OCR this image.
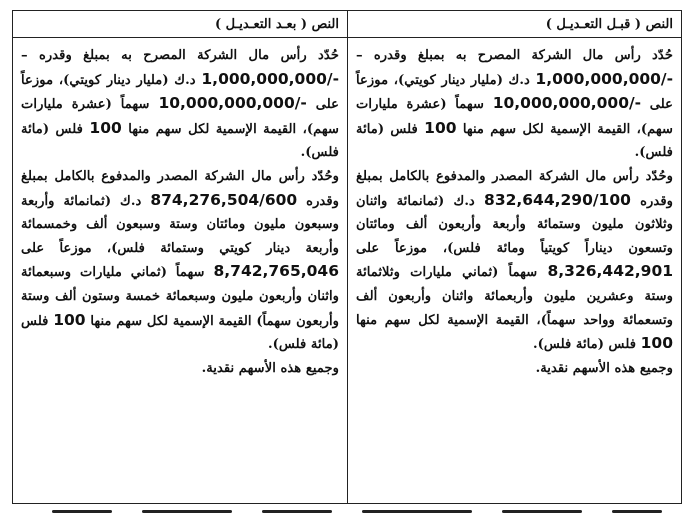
النص ( قبـل التعـديـل )
النص ( بعـد التعـديـل )

حُدّد رأس مال الشركة المصرح به بمبلغ وقدره – 1,000,000,000/- د.ك (مليار دينار كويتي)، موزعاً على 10,000,000,000/- سهماً (عشرة مليارات سهم)، القيمة الإسمية لكل سهم منها 100 فلس (مائة فلس).

وحُدّد رأس مال الشركة المصدر والمدفوع بالكامل بمبلغ وقدره 832,644,290/100 د.ك (ثمانمائة واثنان وثلاثون مليون وستمائة وأربعة وأربعون ألف ومائتان وتسعون ديناراً كويتياً ومائة فلس)، موزعاً على 8,326,442,901 سهماً (ثماني مليارات وثلاثمائة وستة وعشرين مليون وأربعمائة واثنان وأربعون ألف وتسعمائة وواحد سهماً)، القيمة الإسمية لكل سهم منها 100 فلس (مائة فلس).

وجميع هذه الأسهم نقدية.

حُدّد رأس مال الشركة المصرح به بمبلغ وقدره – 1,000,000,000/- د.ك (مليار دينار كويتي)، موزعاً على 10,000,000,000/- سهماً (عشرة مليارات سهم)، القيمة الإسمية لكل سهم منها 100 فلس (مائة فلس).

وحُدّد رأس مال الشركة المصدر والمدفوع بالكامل بمبلغ وقدره 874,276,504/600 د.ك (ثمانمائة وأربعة وسبعون مليون ومائتان وستة وسبعون ألف وخمسمائة وأربعة دينار كويتي وستمائة فلس)، موزعاً على 8,742,765,046 سهماً (ثماني مليارات وسبعمائة واثنان وأربعون مليون وسبعمائة خمسة وستون ألف وستة وأربعون سهماً) القيمة الإسمية لكل سهم منها 100 فلس (مائة فلس).

وجميع هذه الأسهم نقدية.
